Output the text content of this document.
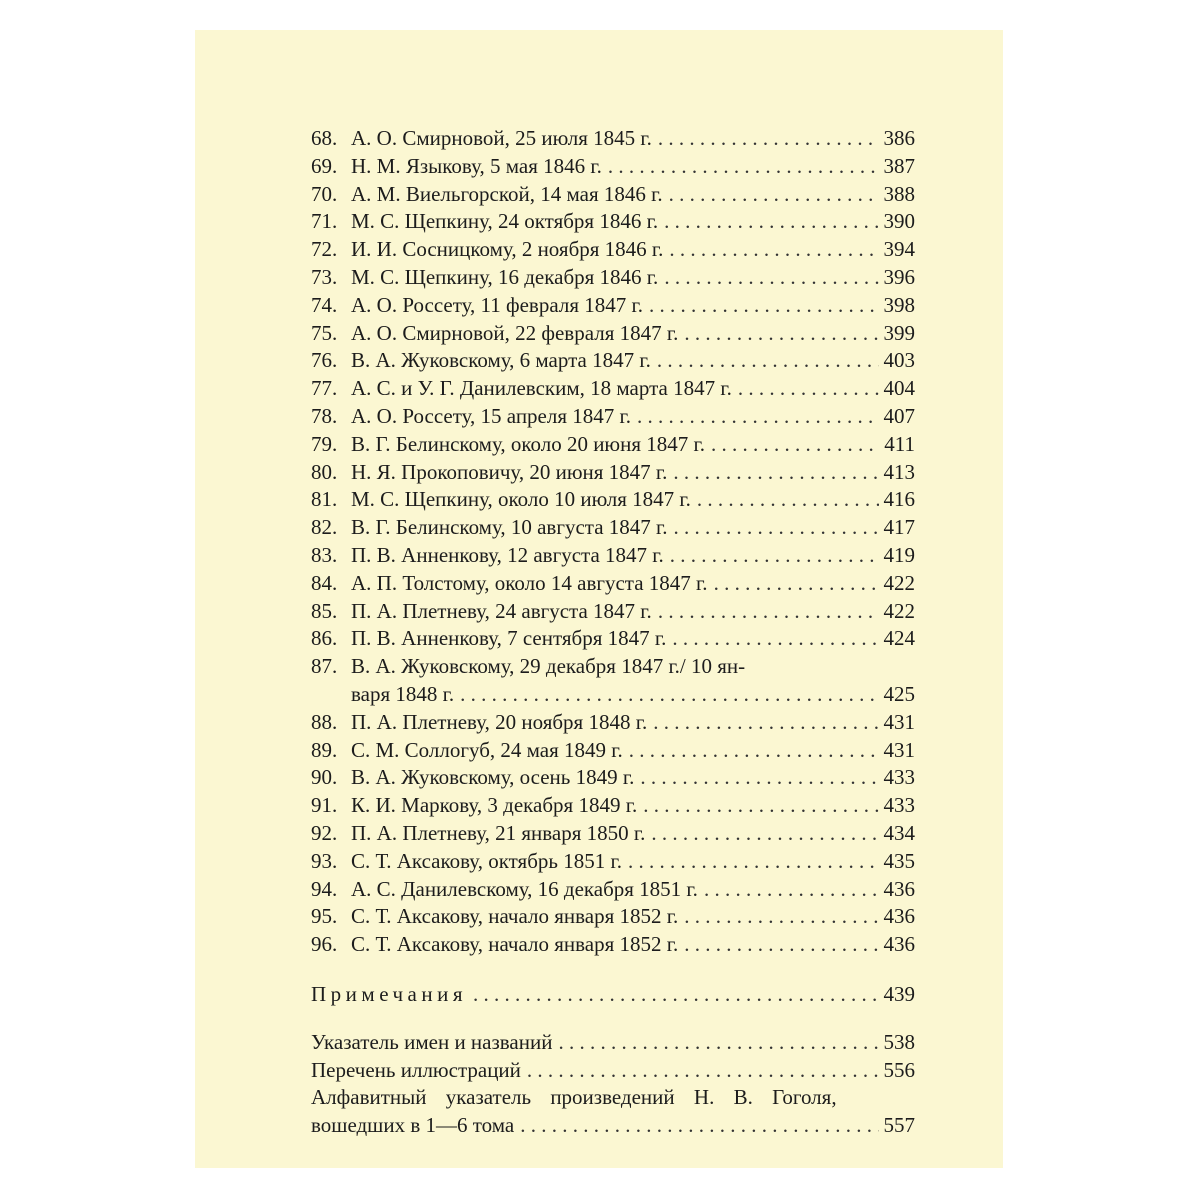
68. А. О. Смирновой, 25 июля 1845 г. . . .	386
69. Н. М. Языкову, 5 мая 1846 г. . . .	387
70. А. М. Виельгорской, 14 мая 1846 г. . . .	388
71. М. С. Щепкину, 24 октября 1846 г. . . .	390
72. И. И. Сосницкому, 2 ноября 1846 г. . . .	394
73. М. С. Щепкину, 16 декабря 1846 г. . . .	396
74. А. О. Россету, 11 февраля 1847 г. . . .	398
75. А. О. Смирновой, 22 февраля 1847 г. . . .	399
76. В. А. Жуковскому, 6 марта 1847 г. . . .	403
77. А. С. и У. Г. Данилевским, 18 марта 1847 г. . . .	404
78. А. О. Россету, 15 апреля 1847 г. . . .	407
79. В. Г. Белинскому, около 20 июня 1847 г. . . .	411
80. Н. Я. Прокоповичу, 20 июня 1847 г. . . .	413
81. М. С. Щепкину, около 10 июля 1847 г. . . .	416
82. В. Г. Белинскому, 10 августа 1847 г. . . .	417
83. П. В. Анненкову, 12 августа 1847 г. . . .	419
84. А. П. Толстому, около 14 августа 1847 г. . . .	422
85. П. А. Плетневу, 24 августа 1847 г. . . .	422
86. П. В. Анненкову, 7 сентября 1847 г. . . .	424
87. В. А. Жуковскому, 29 декабря 1847 г./ 10 ян-
варя 1848 г. . . .	425
88. П. А. Плетневу, 20 ноября 1848 г. . . .	431
89. С. М. Соллогуб, 24 мая 1849 г. . . .	431
90. В. А. Жуковскому, осень 1849 г. . . .	433
91. К. И. Маркову, 3 декабря 1849 г. . . .	433
92. П. А. Плетневу, 21 января 1850 г. . . .	434
93. С. Т. Аксакову, октябрь 1851 г. . . .	435
94. А. С. Данилевскому, 16 декабря 1851 г. . . .	436
95. С. Т. Аксакову, начало января 1852 г. . . .	436
96. С. Т. Аксакову, начало января 1852 г. . . .	436
Примечания . . .	439
Указатель имен и названий . . .	538
Перечень иллюстраций . . .	556
Алфавитный указатель произведений Н. В. Гоголя,
вошедших в 1—6 тома . . .	557
